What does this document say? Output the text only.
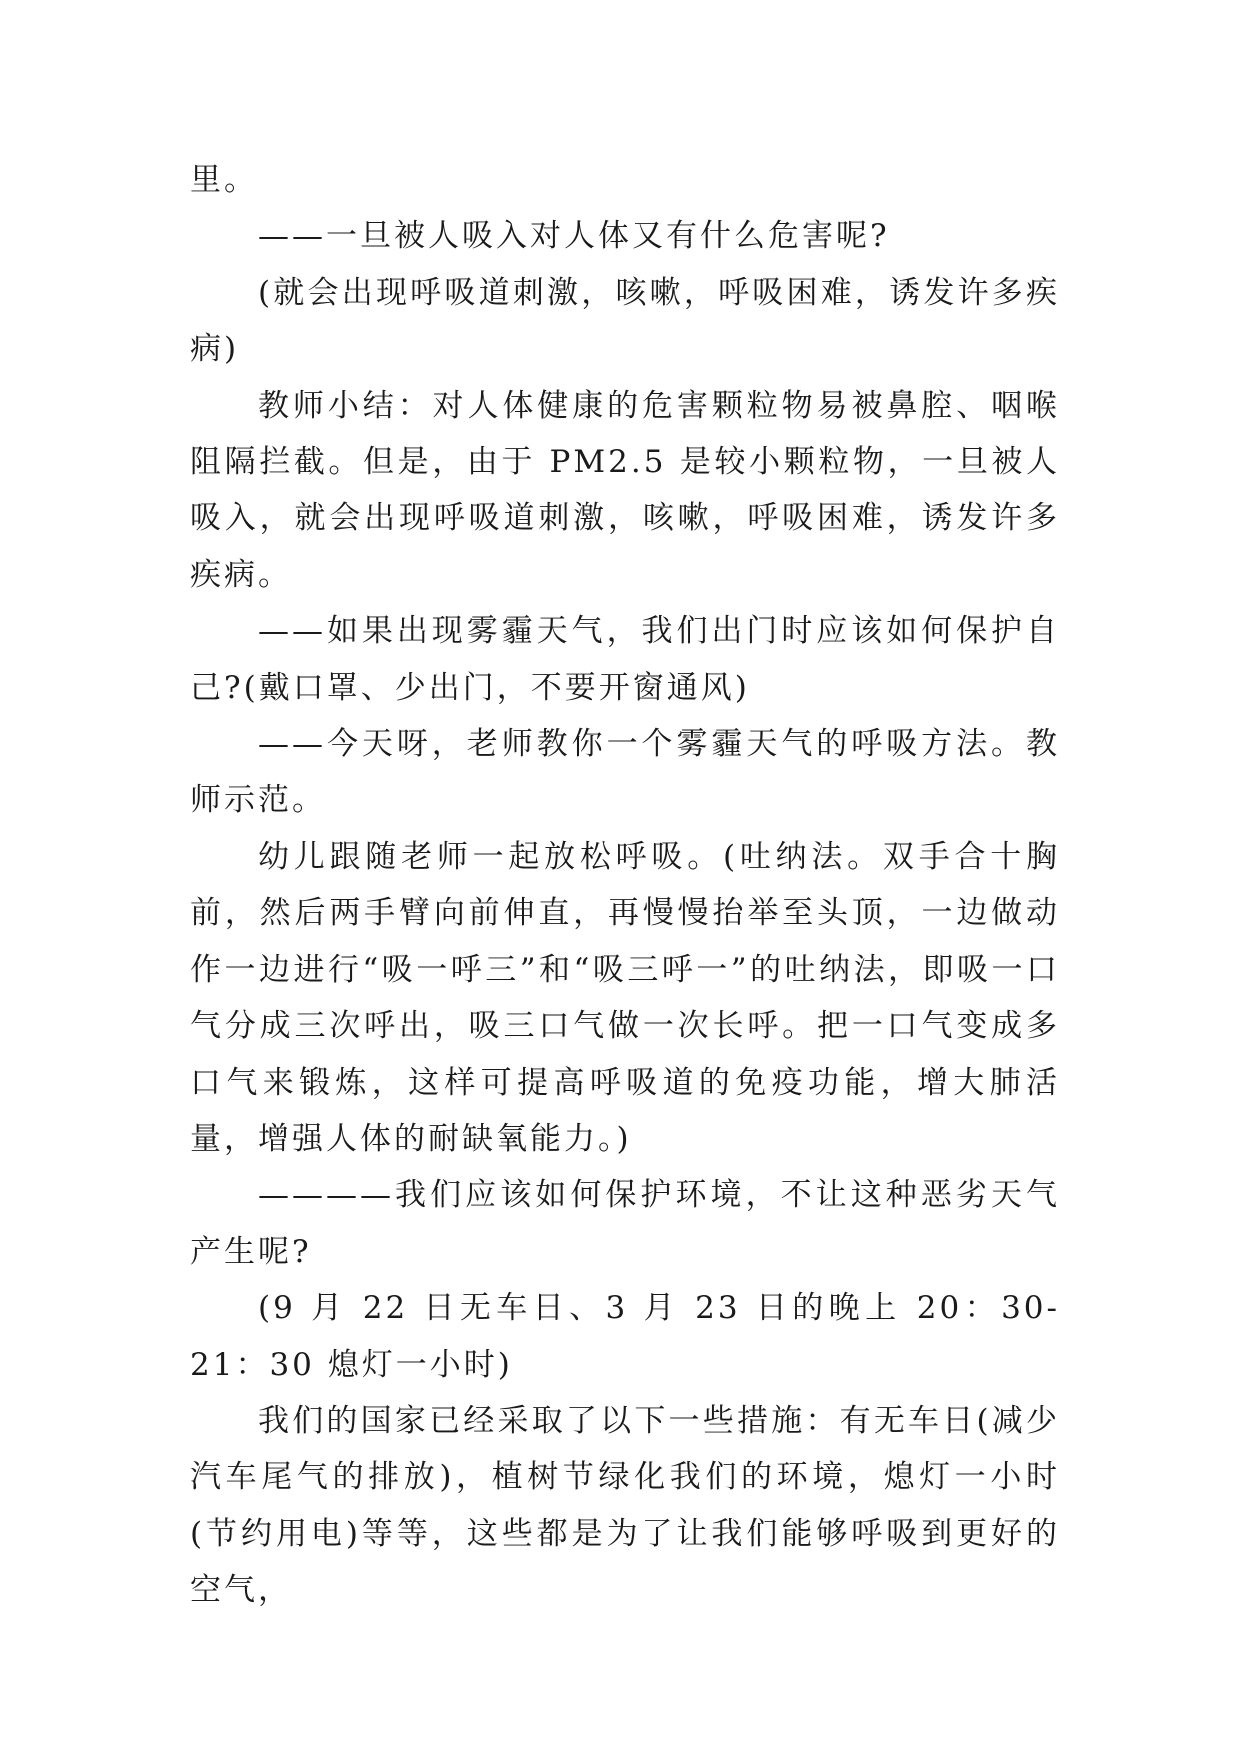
里。

——一旦被人吸入对人体又有什么危害呢?

(就会出现呼吸道刺激，咳嗽，呼吸困难，诱发许多疾病)

教师小结：对人体健康的危害颗粒物易被鼻腔、咽喉阻隔拦截。但是，由于 PM2.5 是较小颗粒物，一旦被人吸入，就会出现呼吸道刺激，咳嗽，呼吸困难，诱发许多疾病。

——如果出现雾霾天气，我们出门时应该如何保护自己?(戴口罩、少出门，不要开窗通风)

——今天呀，老师教你一个雾霾天气的呼吸方法。教师示范。

幼儿跟随老师一起放松呼吸。(吐纳法。双手合十胸前，然后两手臂向前伸直，再慢慢抬举至头顶，一边做动作一边进行“吸一呼三”和“吸三呼一”的吐纳法，即吸一口气分成三次呼出，吸三口气做一次长呼。把一口气变成多口气来锻炼，这样可提高呼吸道的免疫功能，增大肺活量，增强人体的耐缺氧能力。)

————我们应该如何保护环境，不让这种恶劣天气产生呢?

(9 月 22 日无车日、3 月 23 日的晚上 20：30-21：30 熄灯一小时)

我们的国家已经采取了以下一些措施：有无车日(减少汽车尾气的排放)，植树节绿化我们的环境，熄灯一小时(节约用电)等等，这些都是为了让我们能够呼吸到更好的空气，
